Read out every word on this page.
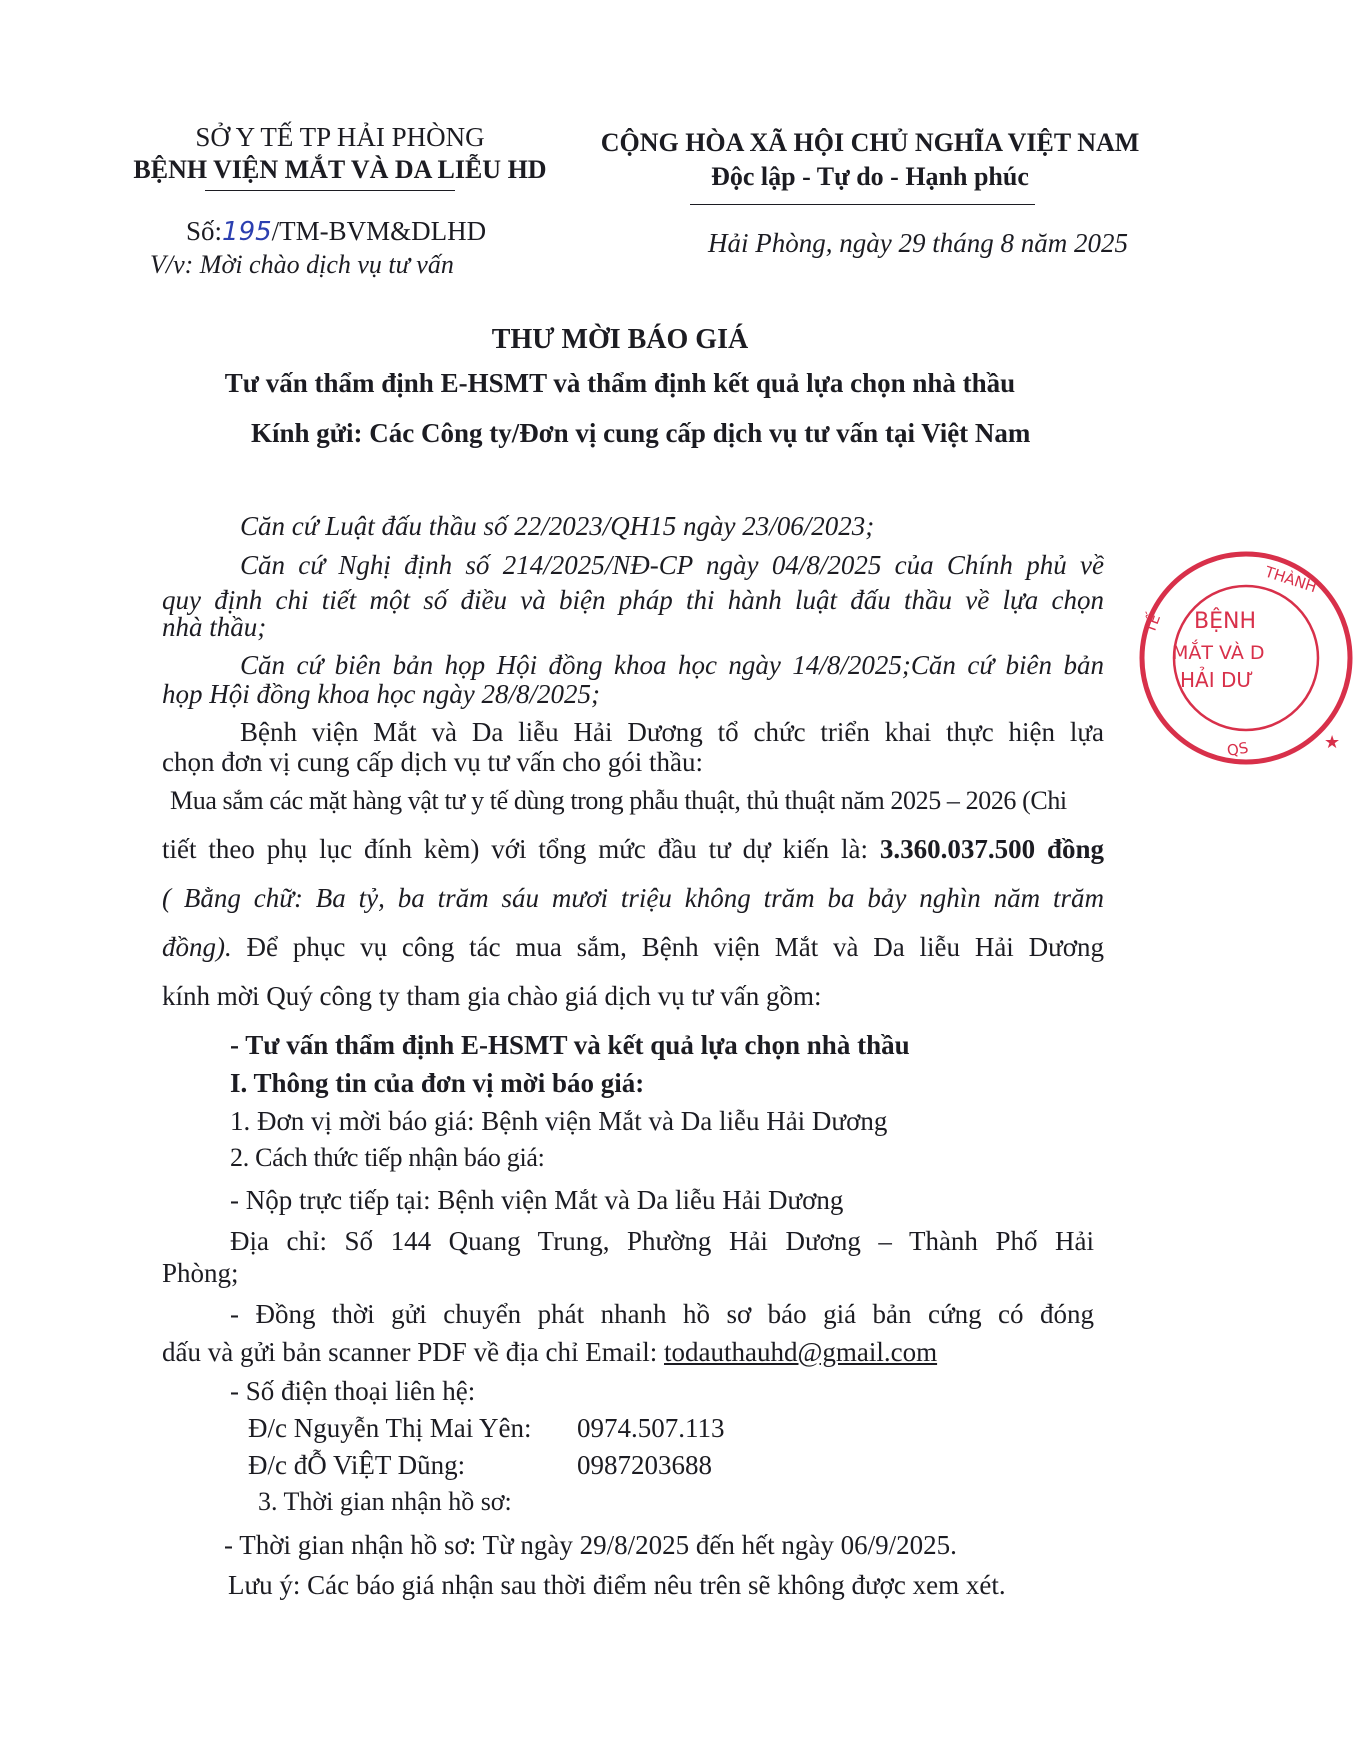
SỞ Y TẾ TP HẢI PHÒNG
BỆNH VIỆN MẮT VÀ DA LIỄU HD
Số:195/TM-BVM&DLHD
V/v: Mời chào dịch vụ tư vấn
CỘNG HÒA XÃ HỘI CHỦ NGHĨA VIỆT NAM
Độc lập - Tự do - Hạnh phúc
Hải Phòng, ngày 29 tháng 8 năm 2025
THƯ MỜI BÁO GIÁ
Tư vấn thẩm định E-HSMT và thẩm định kết quả lựa chọn nhà thầu
Kính gửi: Các Công ty/Đơn vị cung cấp dịch vụ tư vấn tại Việt Nam
Căn cứ Luật đấu thầu số 22/2023/QH15 ngày 23/06/2023;
Căn cứ Nghị định số 214/2025/NĐ-CP ngày 04/8/2025 của Chính phủ về
quy định chi tiết một số điều và biện pháp thi hành luật đấu thầu về lựa chọn
nhà thầu;
Căn cứ biên bản họp Hội đồng khoa học ngày 14/8/2025;Căn cứ biên bản
họp Hội đồng khoa học ngày 28/8/2025;
Bệnh viện Mắt và Da liễu Hải Dương tổ chức triển khai thực hiện lựa
chọn đơn vị cung cấp dịch vụ tư vấn cho gói thầu:
Mua sắm các mặt hàng vật tư y tế dùng trong phẫu thuật, thủ thuật năm 2025 – 2026 (Chi
tiết theo phụ lục đính kèm) với tổng mức đầu tư dự kiến là: 3.360.037.500 đồng
( Bằng chữ: Ba tỷ, ba trăm sáu mươi triệu không trăm ba bảy nghìn năm trăm
đồng). Để phục vụ công tác mua sắm, Bệnh viện Mắt và Da liễu Hải Dương
kính mời Quý công ty tham gia chào giá dịch vụ tư vấn gồm:
- Tư vấn thẩm định E-HSMT và kết quả lựa chọn nhà thầu
I. Thông tin của đơn vị mời báo giá:
1. Đơn vị mời báo giá: Bệnh viện Mắt và Da liễu Hải Dương
2. Cách thức tiếp nhận báo giá:
- Nộp trực tiếp tại: Bệnh viện Mắt và Da liễu Hải Dương
Địa chỉ: Số 144 Quang Trung, Phường Hải Dương – Thành Phố Hải
Phòng;
- Đồng thời gửi chuyển phát nhanh hồ sơ báo giá bản cứng có đóng
dấu và gửi bản scanner PDF về địa chỉ Email: todauthauhd@gmail.com
- Số điện thoại liên hệ:
Đ/c Nguyễn Thị Mai Yên: 0974.507.113
Đ/c đỖ ViỆT Dũng:	0987203688
3. Thời gian nhận hồ sơ:
- Thời gian nhận hồ sơ: Từ ngày 29/8/2025 đến hết ngày 06/9/2025.
Lưu ý: Các báo giá nhận sau thời điểm nêu trên sẽ không được xem xét.
THÀNH
TẾ
QS
BỆNH
MẮT VÀ D
HẢI DƯ
★
